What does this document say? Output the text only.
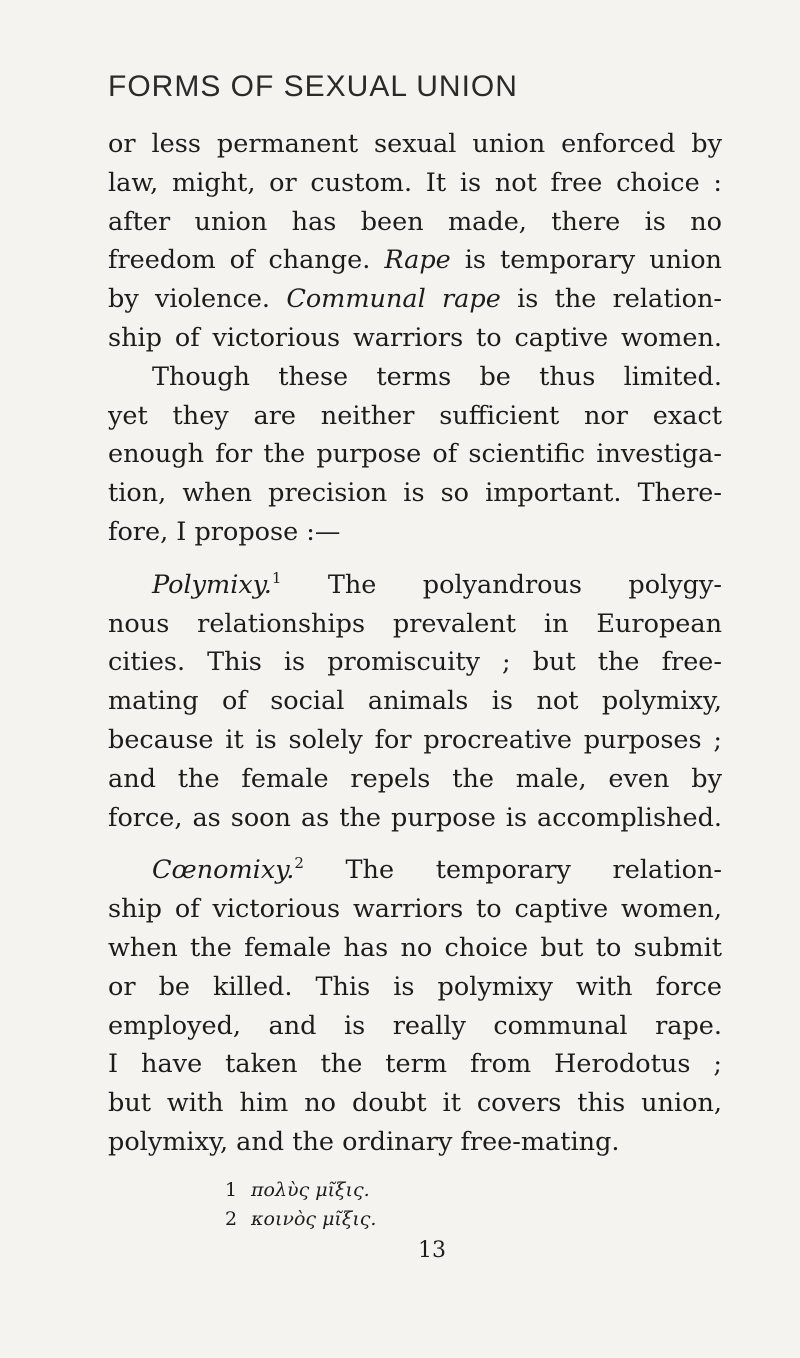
FORMS OF SEXUAL UNION
or less permanent sexual union enforced by
law, might, or custom. It is not free choice :
after union has been made, there is no
freedom of change. Rape is temporary union
by violence. Communal rape is the relation-
ship of victorious warriors to captive women.
Though these terms be thus limited.
yet they are neither sufficient nor exact
enough for the purpose of scientific investiga-
tion, when precision is so important. There-
fore, I propose :—
Polymixy.$^1$ The polyandrous polygy-
nous relationships prevalent in European
cities. This is promiscuity ; but the free-
mating of social animals is not polymixy,
because it is solely for procreative purposes ;
and the female repels the male, even by
force, as soon as the purpose is accomplished.
Cœnomixy.$^2$ The temporary relation-
ship of victorious warriors to captive women,
when the female has no choice but to submit
or be killed. This is polymixy with force
employed, and is really communal rape.
I have taken the term from Herodotus ;
but with him no doubt it covers this union,
polymixy, and the ordinary free-mating.
1 πολὺς μῖξις.
2 κοινὸς μῖξις.
13
